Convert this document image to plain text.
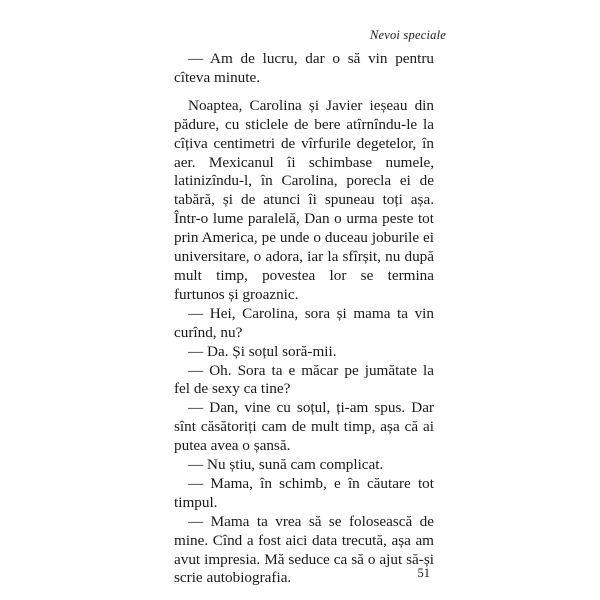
Nevoi speciale

— Am de lucru, dar o să vin pentru cîteva minute.

Noaptea, Carolina și Javier ieșeau din pădure, cu sticlele de bere atîrnîndu-le la cîțiva centimetri de vîrfurile degetelor, în aer. Mexicanul îi schimbase numele, latinizîndu-l, în Carolina, porecla ei de tabără, și de atunci îi spuneau toți așa. Într-o lume paralelă, Dan o urma peste tot prin America, pe unde o duceau joburile ei universitare, o adora, iar la sfîrșit, nu după mult timp, povestea lor se termina furtunos și groaznic.

— Hei, Carolina, sora și mama ta vin curînd, nu?

— Da. Și soțul soră-mii.

— Oh. Sora ta e măcar pe jumătate la fel de sexy ca tine?

— Dan, vine cu soțul, ți-am spus. Dar sînt căsătoriți cam de mult timp, așa că ai putea avea o șansă.

— Nu știu, sună cam complicat.

— Mama, în schimb, e în căutare tot timpul.

— Mama ta vrea să se folosească de mine. Cînd a fost aici data trecută, așa am avut impresia. Mă seduce ca să o ajut să-și scrie autobiografia.	51
